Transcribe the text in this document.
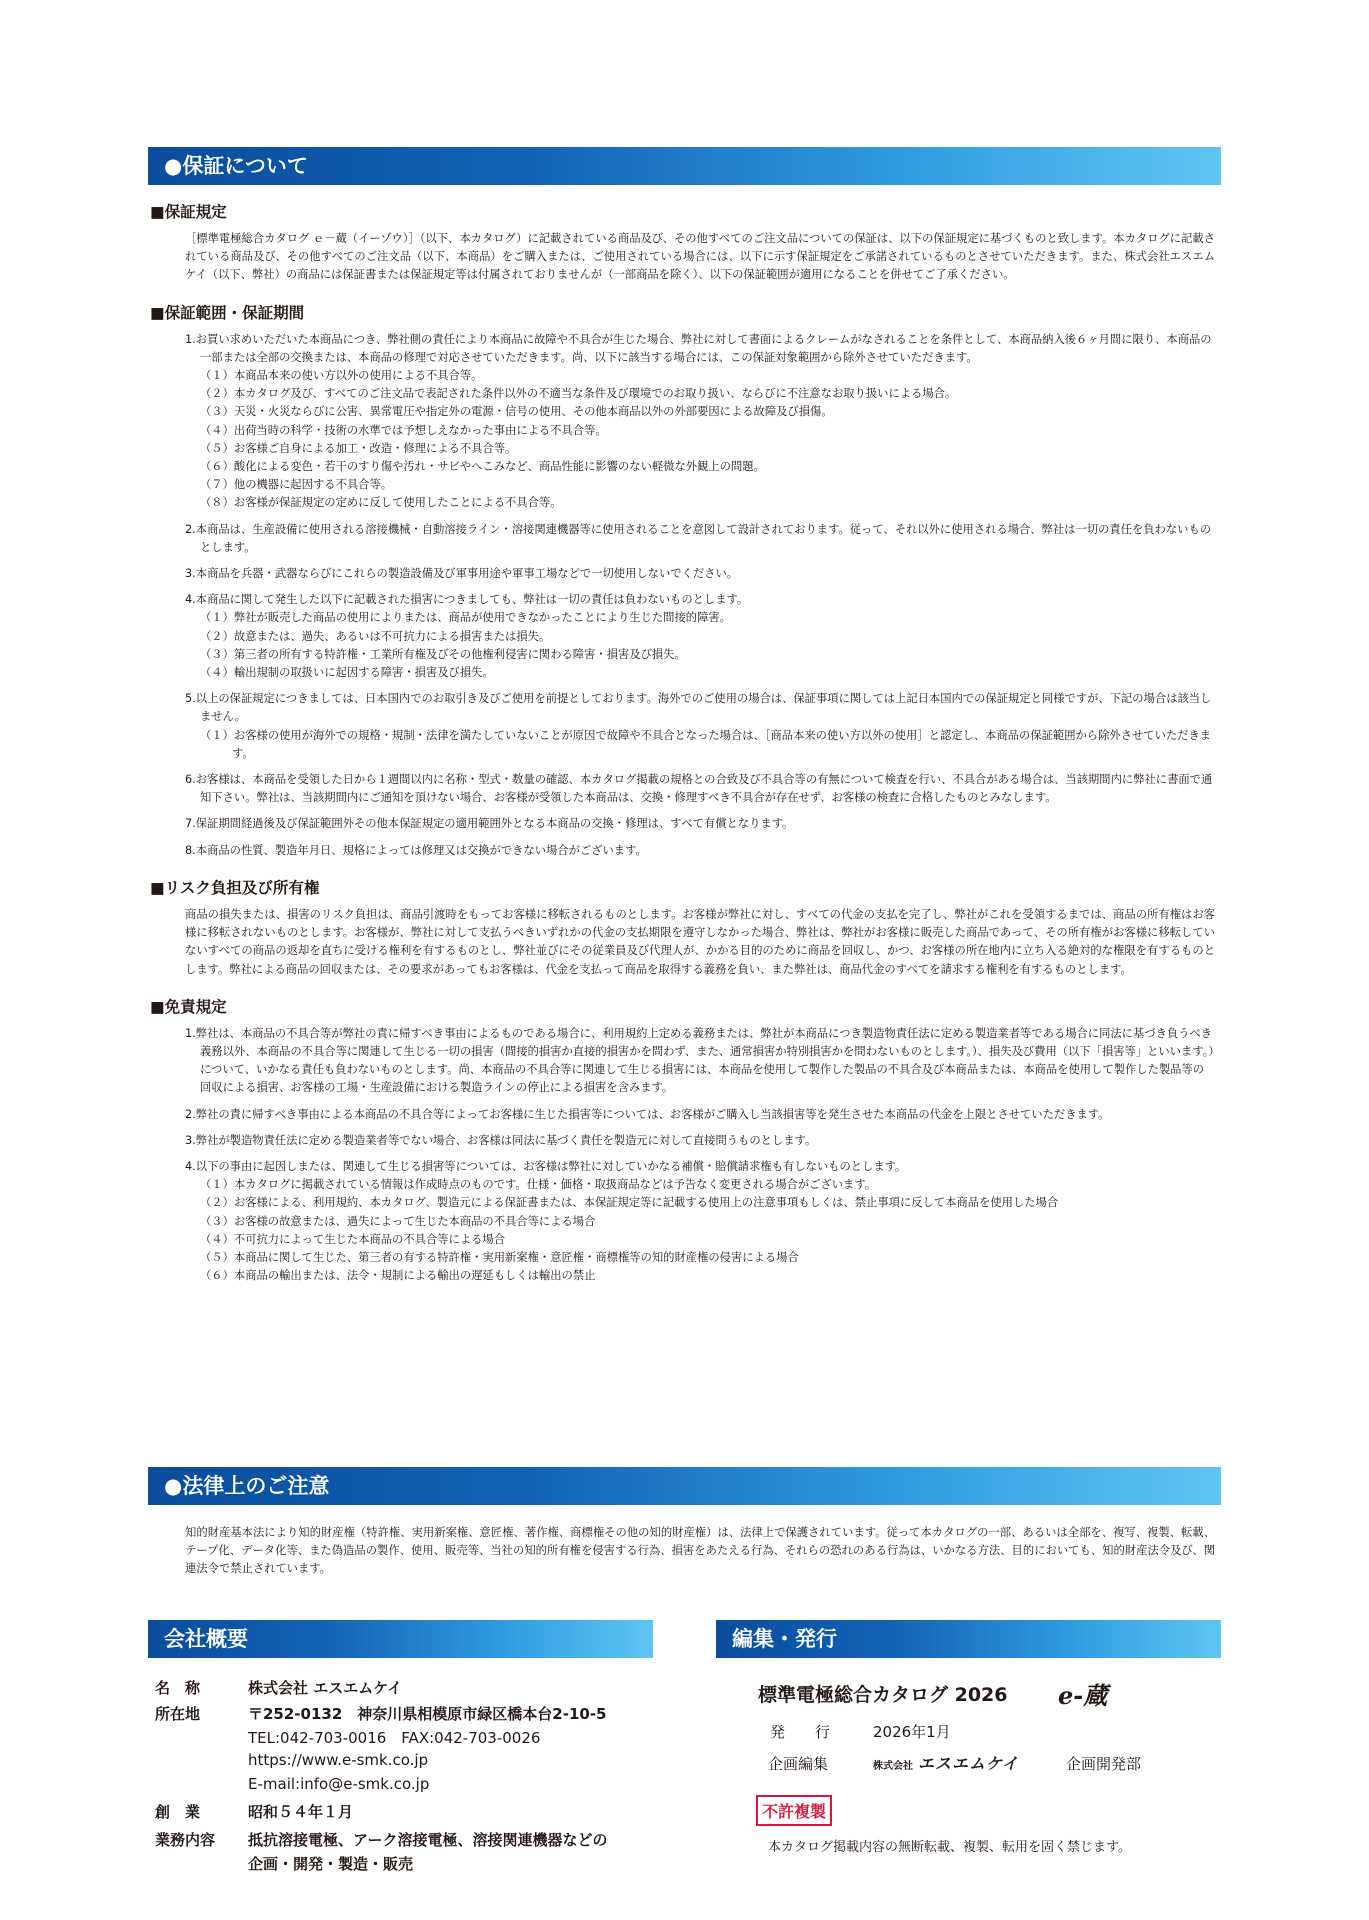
●保証について

■保証規定

［標準電極総合カタログ ｅ－蔵（イーゾウ）］（以下、本カタログ）に記載されている商品及び、その他すべてのご注文品についての保証は、以下の保証規定に基づくものと致します。本カタログに記載されている商品及び、その他すべてのご注文品（以下、本商品）をご購入または、ご使用されている場合には、以下に示す保証規定をご承諾されているものとさせていただきます。また、株式会社エスエムケイ（以下、弊社）の商品には保証書または保証規定等は付属されておりませんが（一部商品を除く）、以下の保証範囲が適用になることを併せてご了承ください。

■保証範囲・保証期間

1.お買い求めいただいた本商品につき、弊社側の責任により本商品に故障や不具合が生じた場合、弊社に対して書面によるクレームがなされることを条件として、本商品納入後６ヶ月間に限り、本商品の一部または全部の交換または、本商品の修理で対応させていただきます。尚、以下に該当する場合には、この保証対象範囲から除外させていただきます。

（１）本商品本来の使い方以外の使用による不具合等。

（２）本カタログ及び、すべてのご注文品で表記された条件以外の不適当な条件及び環境でのお取り扱い、ならびに不注意なお取り扱いによる場合。

（３）天災・火災ならびに公害、異常電圧や指定外の電源・信号の使用、その他本商品以外の外部要因による故障及び損傷。

（４）出荷当時の科学・技術の水準では予想しえなかった事由による不具合等。

（５）お客様ご自身による加工・改造・修理による不具合等。

（６）酸化による変色・若干のすり傷や汚れ・サビやへこみなど、商品性能に影響のない軽微な外観上の問題。

（７）他の機器に起因する不具合等。

（８）お客様が保証規定の定めに反して使用したことによる不具合等。

2.本商品は、生産設備に使用される溶接機械・自動溶接ライン・溶接関連機器等に使用されることを意図して設計されております。従って、それ以外に使用される場合、弊社は一切の責任を負わないものとします。

3.本商品を兵器・武器ならびにこれらの製造設備及び軍事用途や軍事工場などで一切使用しないでください。

4.本商品に関して発生した以下に記載された損害につきましても、弊社は一切の責任は負わないものとします。

（１）弊社が販売した商品の使用によりまたは、商品が使用できなかったことにより生じた間接的障害。

（２）故意または、過失、あるいは不可抗力による損害または損失。

（３）第三者の所有する特許権・工業所有権及びその他権利侵害に関わる障害・損害及び損失。

（４）輸出規制の取扱いに起因する障害・損害及び損失。

5.以上の保証規定につきましては、日本国内でのお取引き及びご使用を前提としております。海外でのご使用の場合は、保証事項に関しては上記日本国内での保証規定と同様ですが、下記の場合は該当しません。

（１）お客様の使用が海外での規格・規制・法律を満たしていないことが原因で故障や不具合となった場合は、［商品本来の使い方以外の使用］と認定し、本商品の保証範囲から除外させていただきます。

6.お客様は、本商品を受領した日から１週間以内に名称・型式・数量の確認、本カタログ掲載の規格との合致及び不具合等の有無について検査を行い、不具合がある場合は、当該期間内に弊社に書面で通知下さい。弊社は、当該期間内にご通知を頂けない場合、お客様が受領した本商品は、交換・修理すべき不具合が存在せず、お客様の検査に合格したものとみなします。

7.保証期間経過後及び保証範囲外その他本保証規定の適用範囲外となる本商品の交換・修理は、すべて有償となります。

8.本商品の性質、製造年月日、規格によっては修理又は交換ができない場合がございます。

■リスク負担及び所有権

商品の損失または、損害のリスク負担は、商品引渡時をもってお客様に移転されるものとします。お客様が弊社に対し、すべての代金の支払を完了し、弊社がこれを受領するまでは、商品の所有権はお客様に移転されないものとします。お客様が、弊社に対して支払うべきいずれかの代金の支払期限を遵守しなかった場合、弊社は、弊社がお客様に販売した商品であって、その所有権がお客様に移転していないすべての商品の返却を直ちに受ける権利を有するものとし、弊社並びにその従業員及び代理人が、かかる目的のために商品を回収し、かつ、お客様の所在地内に立ち入る絶対的な権限を有するものとします。弊社による商品の回収または、その要求があってもお客様は、代金を支払って商品を取得する義務を負い、また弊社は、商品代金のすべてを請求する権利を有するものとします。

■免責規定

1.弊社は、本商品の不具合等が弊社の責に帰すべき事由によるものである場合に、利用規約上定める義務または、弊社が本商品につき製造物責任法に定める製造業者等である場合に同法に基づき負うべき義務以外、本商品の不具合等に関連して生じる一切の損害（間接的損害か直接的損害かを問わず、また、通常損害か特別損害かを問わないものとします。）、損失及び費用（以下「損害等」といいます。）について、いかなる責任も負わないものとします。尚、本商品の不具合等に関連して生じる損害には、本商品を使用して製作した製品の不具合及び本商品または、本商品を使用して製作した製品等の回収による損害、お客様の工場・生産設備における製造ラインの停止による損害を含みます。

2.弊社の責に帰すべき事由による本商品の不具合等によってお客様に生じた損害等については、お客様がご購入し当該損害等を発生させた本商品の代金を上限とさせていただきます。

3.弊社が製造物責任法に定める製造業者等でない場合、お客様は同法に基づく責任を製造元に対して直接問うものとします。

4.以下の事由に起因しまたは、関連して生じる損害等については、お客様は弊社に対していかなる補償・賠償請求権も有しないものとします。

（１）本カタログに掲載されている情報は作成時点のものです。仕様・価格・取扱商品などは予告なく変更される場合がございます。

（２）お客様による、利用規約、本カタログ、製造元による保証書または、本保証規定等に記載する使用上の注意事項もしくは、禁止事項に反して本商品を使用した場合

（３）お客様の故意または、過失によって生じた本商品の不具合等による場合

（４）不可抗力によって生じた本商品の不具合等による場合

（５）本商品に関して生じた、第三者の有する特許権・実用新案権・意匠権・商標権等の知的財産権の侵害による場合

（６）本商品の輸出または、法令・規制による輸出の遅延もしくは輸出の禁止

●法律上のご注意

知的財産基本法により知的財産権（特許権、実用新案権、意匠権、著作権、商標権その他の知的財産権）は、法律上で保護されています。従って本カタログの一部、あるいは全部を、複写、複製、転載、テープ化、データ化等、また偽造品の製作、使用、販売等、当社の知的所有権を侵害する行為、損害をあたえる行為、それらの恐れのある行為は、いかなる方法、目的においても、知的財産法令及び、関連法令で禁止されています。

会社概要
名　称	株式会社 エスエムケイ
所在地	〒252-0132　神奈川県相模原市緑区橋本台2-10-5
TEL:042-703-0016　FAX:042-703-0026
https://www.e-smk.co.jp
E-mail:info@e-smk.co.jp
創　業	昭和５４年１月
業務内容 抵抗溶接電極、アーク溶接電極、溶接関連機器などの
企画・開発・製造・販売
編集・発行
標準電極総合カタログ 2026 e-蔵
発　　行	2026年1月
企画編集	株式会社 エスエムケイ	企画開発部
不許複製
本カタログ掲載内容の無断転載、複製、転用を固く禁じます。
